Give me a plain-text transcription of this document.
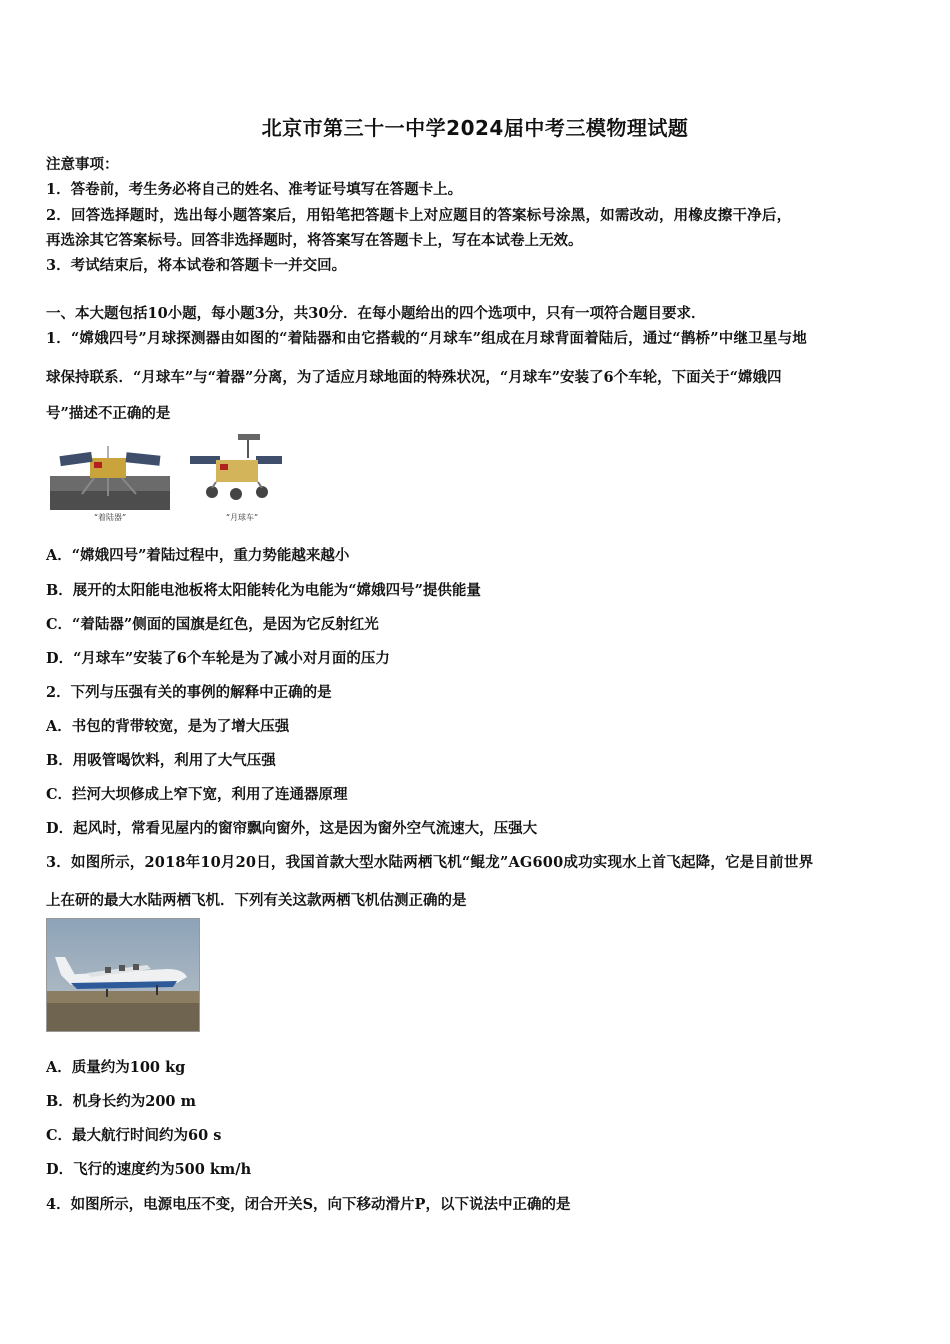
北京市第三十一中学2024届中考三模物理试题
注意事项：
1．答卷前，考生务必将自己的姓名、准考证号填写在答题卡上。
2．回答选择题时，选出每小题答案后，用铅笔把答题卡上对应题目的答案标号涂黑，如需改动，用橡皮擦干净后，
再选涂其它答案标号。回答非选择题时，将答案写在答题卡上，写在本试卷上无效。
3．考试结束后，将本试卷和答题卡一并交回。
一、本大题包括10小题，每小题3分，共30分．在每小题给出的四个选项中，只有一项符合题目要求．
1．“嫦娥四号”月球探测器由如图的“着陆器和由它搭载的“月球车”组成在月球背面着陆后，通过“鹊桥”中继卫星与地
球保持联系．“月球车”与“着器”分离，为了适应月球地面的特殊状况，“月球车”安装了6个车轮，下面关于“嫦娥四
号”描述不正确的是
“着陆器”	“月球车”
A．“嫦娥四号”着陆过程中，重力势能越来越小
B．展开的太阳能电池板将太阳能转化为电能为“嫦娥四号”提供能量
C．“着陆器”侧面的国旗是红色，是因为它反射红光
D．“月球车”安装了6个车轮是为了减小对月面的压力
2．下列与压强有关的事例的解释中正确的是
A．书包的背带较宽，是为了增大压强
B．用吸管喝饮料，利用了大气压强
C．拦河大坝修成上窄下宽，利用了连通器原理
D．起风时，常看见屋内的窗帘飘向窗外，这是因为窗外空气流速大，压强大
3．如图所示，2018年10月20日，我国首款大型水陆两栖飞机“鲲龙”AG600成功实现水上首飞起降，它是目前世界
上在研的最大水陆两栖飞机．下列有关这款两栖飞机估测正确的是
A．质量约为100 kg
B．机身长约为200 m
C．最大航行时间约为60 s
D．飞行的速度约为500 km/h
4．如图所示，电源电压不变，闭合开关S，向下移动滑片P，以下说法中正确的是
